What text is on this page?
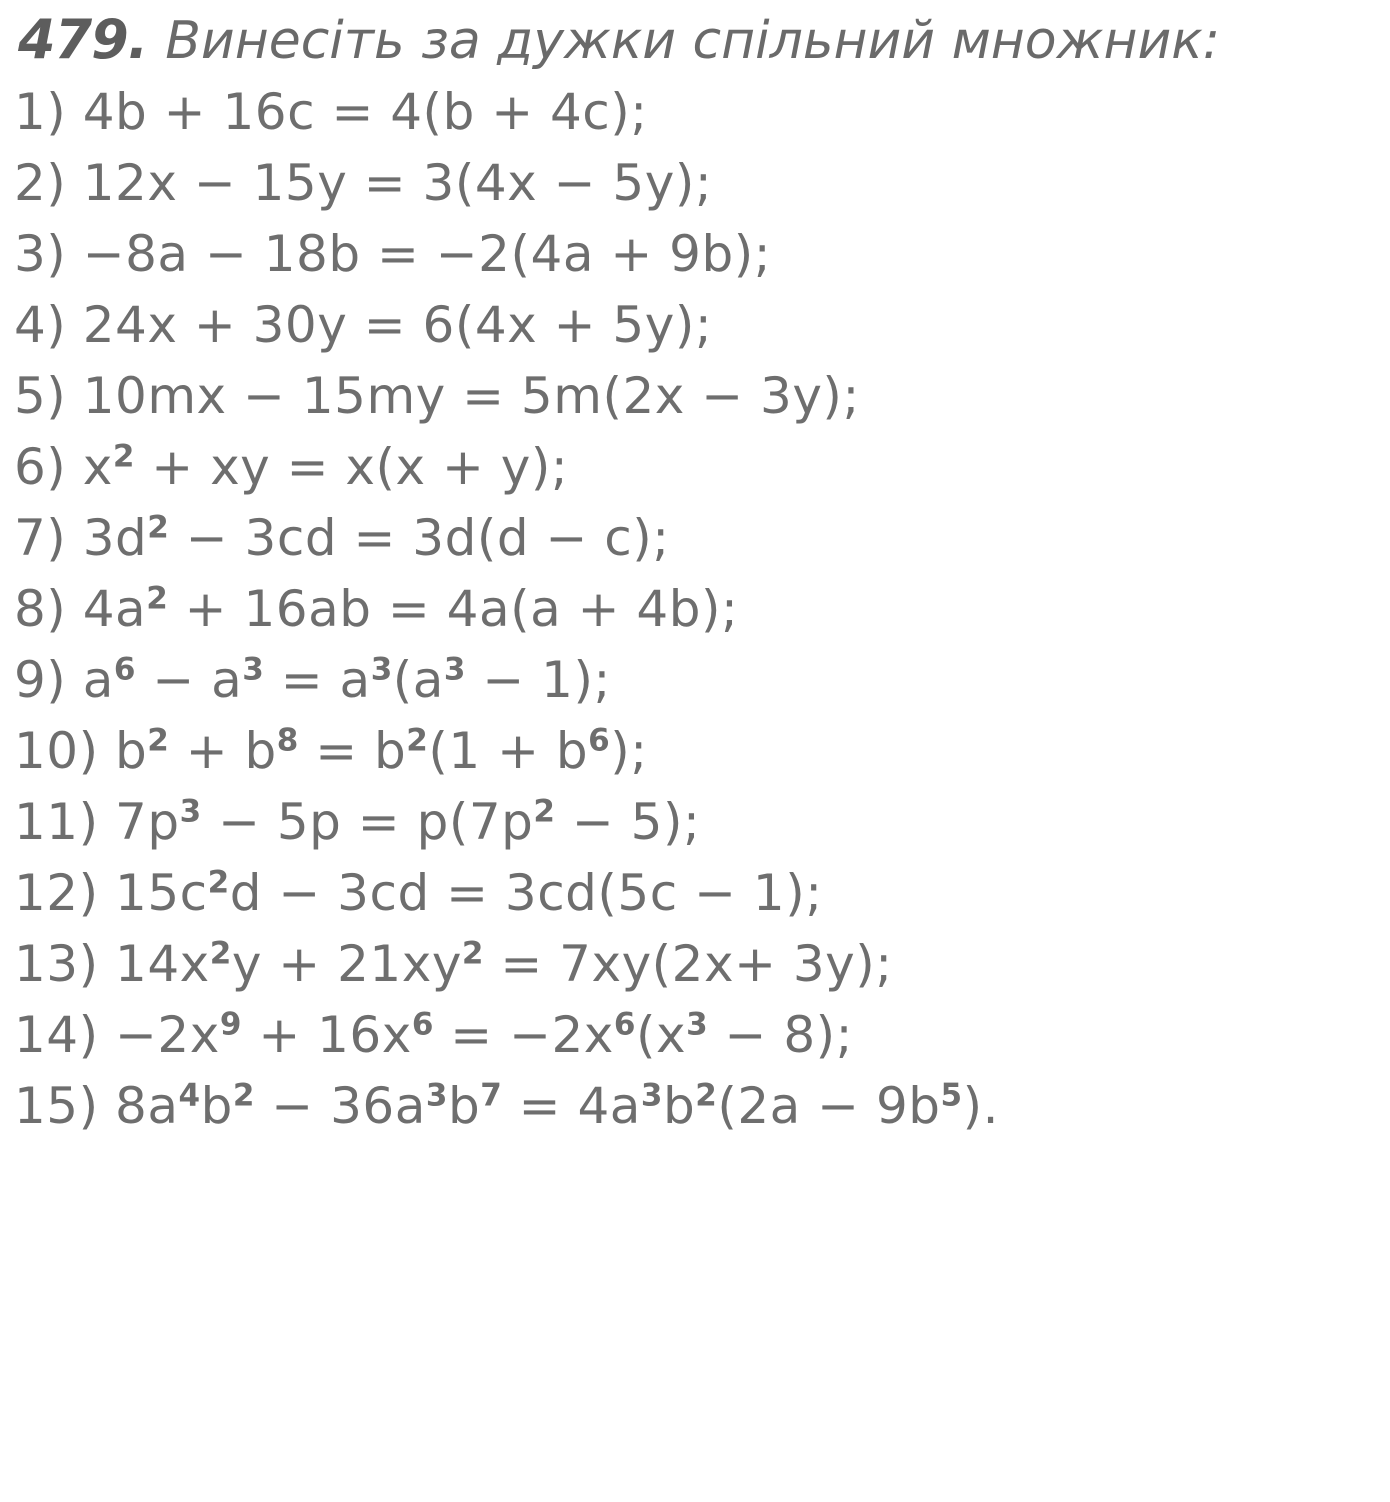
479. Винесіть за дужки спільний множник:
1) 4b + 16c = 4(b + 4c);
2) 12x − 15y = 3(4x − 5y);
3) −8a − 18b = −2(4a + 9b);
4) 24x + 30y = 6(4x + 5y);
5) 10mx − 15my = 5m(2x − 3y);
6) $x^2$ + xy = x(x + y);
7) $3d^2 - 3cd = 3d(d - c)$;
8) $4a^2 + 16ab = 4a(a + 4b)$;
9) $a^6 - a^3 = a^3(a^3 - 1)$;
10) $b^2 + b^8 = b^2(1 + b^6)$;
11) $7p^3 - 5p = p(7p^2 - 5)$;
12) $15c^2d - 3cd = 3cd(5c - 1)$;
13) $14x^2y + 21xy^2 = 7xy(2x+ 3y)$;
$14) -2x^9 + 16x^6 = -2x^6(x^3 - 8)$;
15) $8a^4b^2 - 36a^3b^7 = 4a^3b^2(2a - 9b^5)$.
